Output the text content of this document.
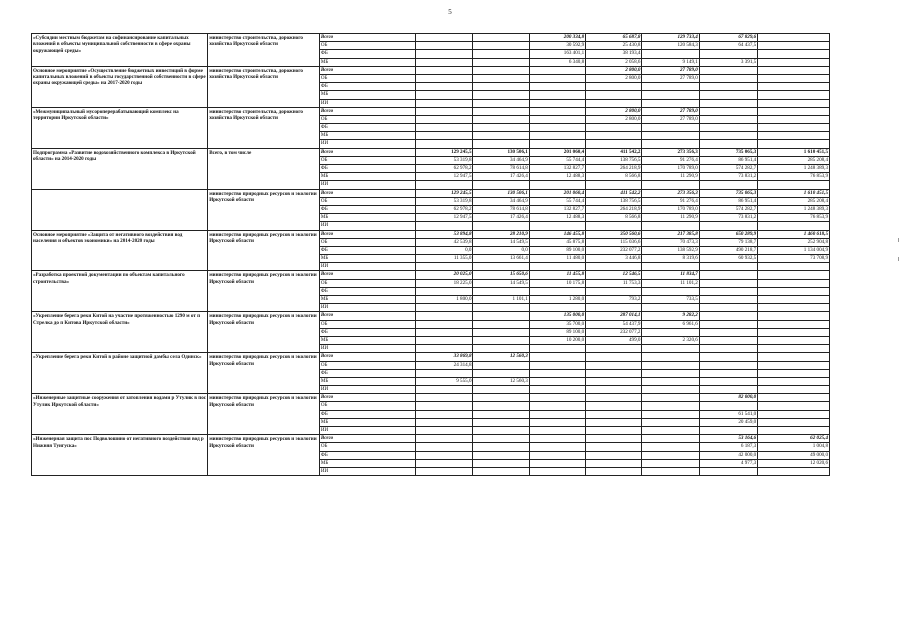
5
«Субсидии местным бюджетам на софинансирование капитальных вложений в объекты муниципальной собственности в сфере охраны окружающей среды»	министерство строительства, дорожного хозяйства Иркутской области	Всего			200 334,8	65 687,8	129 733,4	67 829,6	
		ОБ			30 592,9	25 430,8	120 584,3	64 437,5	
		ФБ			163 401,1	38 193,4			
		МБ			6 340,8	2 058,6	9 149,1	3 391,5	
Основное мероприятие «Осуществление бюджетных инвестиций в форме капитальных вложений в объекты государственной собственности в сфере охраны окружающей среды» на 2017-2020 годы	министерство строительства, дорожного хозяйства Иркутской области	Всего				2 800,0	27 789,0		
		ОБ				2 800,0	27 789,0		
		ФБ							
		МБ							
		ИИ							
«Межмуниципальный мусороперерабатывающий комплекс на территории Иркутской области»	министерство строительства, дорожного хозяйства Иркутской области	Всего				2 800,0	27 789,0		
		ОБ				2 800,0	27 789,0		
		ФБ							
		МБ							
		ИИ							
Подпрограмма «Развитие водохозяйственного комплекса в Иркутской области» на 2014-2020 годы	Всего, в том числе	Всего	129 245,5	130 506,1	201 060,4	411 542,2	273 356,3	735 065,3	1 610 451,5
		ОБ	53 319,8	34 464,9	55 744,4	138 756,5	91 276,4	86 951,4	285 208,4
		ФБ	62 978,2	78 614,8	132 827,7	264 218,9	170 789,0	574 282,7	1 248 389,3
		МБ	12 947,5	17 426,4	12 488,3	8 566,8	11 290,9	73 831,2	76 853,9
		ИИ							
	министерство природных ресурсов и экологии Иркутской области	Всего	129 245,5	130 506,1	201 060,4	411 542,2	273 356,3	735 065,3	1 610 451,5
		ОБ	53 319,8	34 464,9	55 744,4	138 756,5	91 276,4	86 951,4	285 208,4
		ФБ	62 978,2	78 614,8	132 827,7	264 218,9	170 789,0	574 282,7	1 248 389,3
		МБ	12 947,5	17 426,4	12 488,3	8 566,8	11 290,9	73 831,2	76 853,9
		ИИ							
Основное мероприятие «Защита от негативного воздействия вод населения и объектов экономики» на 2014-2020 годы	министерство природных ресурсов и экологии Иркутской области	Всего	53 894,8	28 210,9	146 455,8	350 560,6	217 385,8	650 289,9	1 460 618,5
		ОБ	42 539,8	14 549,5	45 875,8	115 036,6	70 473,3	79 138,7	252 904,8
		ФБ	0,0	0,0	89 100,0	232 077,2	138 592,9	490 218,7	1 134 004,9
		МБ	11 355,0	13 661,4	11 480,0	3 446,8	8 319,6	60 932,5	73 708,9
		ИИ							
«Разработка проектной документации по объектам капитального строительства»	министерство природных ресурсов и экологии Иркутской области	Всего	20 025,0	15 650,6	11 455,8	12 546,5	11 834,7		
		ОБ	18 225,0	14 549,5	10 175,8	11 753,3	11 101,2		
		ФБ							
		МБ	1 800,0	1 101,1	1 280,0	793,2	733,5		
		ИИ							
«Укрепление берега реки Китой на участие протяженностью 1290 м от п Стрелка до п Китова Иркутской области»	министерство природных ресурсов и экологии Иркутской области	Всего			135 000,0	287 014,1	9 282,2		
		ОБ			35 700,0	54 437,9	6 961,6		
		ФБ			89 100,0	232 077,2			
		МБ			10 200,0	499,0	2 320,6		
		ИИ							
«Укрепление берега реки Китой в районе защитной дамбы села Одинск»	министерство природных ресурсов и экологии Иркутской области	Всего	33 869,8	12 560,3					
		ОБ	24 314,8						
		ФБ							
		МБ	9 555,0	12 560,3					
		ИИ							
«Инженерные защитные сооружения от затопления водами р Утулик в пос Утулик Иркутской области»	министерство природных ресурсов и экологии Иркутской области	Всего						82 000,0	
		ОБ							
		ФБ						61 541,0	
		МБ						20 459,0	
		ИИ							
«Инженерная защита пос Подволошино от негативного воздействия вод р Нижняя Тунгуска»	министерство природных ресурсов и экологии Иркутской области	Всего						53 164,6	62 025,4
		ОБ						6 187,3	1 004,8
		ФБ						42 000,0	49 000,0
		МБ						4 977,3	12 020,6
		ИИ							
